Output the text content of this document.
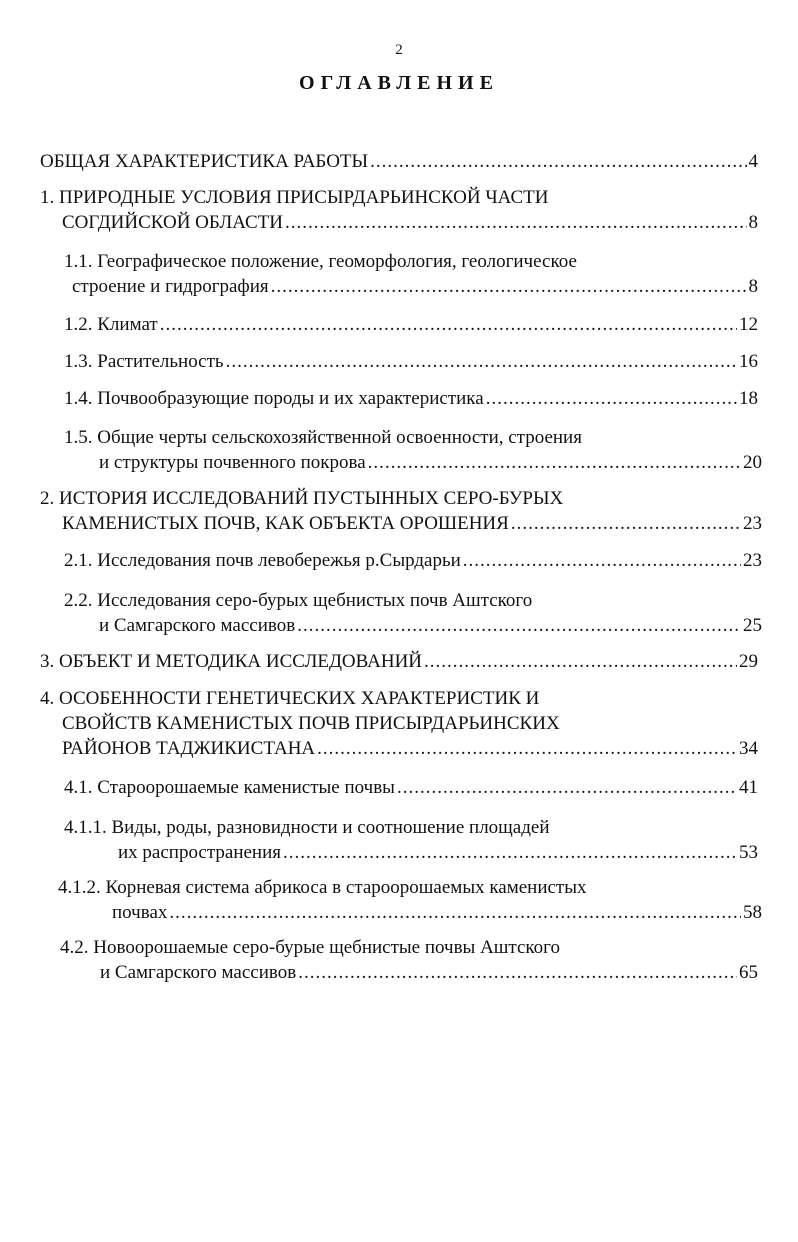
2
ОГЛАВЛЕНИЕ
ОБЩАЯ ХАРАКТЕРИСТИКА РАБОТЫ .....	4
1. ПРИРОДНЫЕ УСЛОВИЯ ПРИСЫРДАРЬИНСКОЙ ЧАСТИ
СОГДИЙСКОЙ ОБЛАСТИ .....	8
1.1. Географическое положение, геоморфология, геологическое
строение и гидрография .....	8
1.2. Климат .....	12
1.3. Растительность .....	16
1.4. Почвообразующие породы и их характеристика .....	18
1.5. Общие черты сельскохозяйственной освоенности, строения
и структуры почвенного покрова .....	20
2. ИСТОРИЯ ИССЛЕДОВАНИЙ ПУСТЫННЫХ СЕРО-БУРЫХ
КАМЕНИСТЫХ ПОЧВ, КАК ОБЪЕКТА ОРОШЕНИЯ .....	23
2.1. Исследования почв левобережья р.Сырдарьи .....	23
2.2. Исследования серо-бурых щебнистых почв Аштского
и Самгарского массивов .....	25
3. ОБЪЕКТ И МЕТОДИКА ИССЛЕДОВАНИЙ .....	29
4. ОСОБЕННОСТИ ГЕНЕТИЧЕСКИХ ХАРАКТЕРИСТИК И
СВОЙСТВ КАМЕНИСТЫХ ПОЧВ ПРИСЫРДАРЬИНСКИХ
РАЙОНОВ ТАДЖИКИСТАНА .....	34
4.1. Староорошаемые каменистые почвы .....	41
4.1.1. Виды, роды, разновидности и соотношение площадей
их распространения .....	53
4.1.2. Корневая система абрикоса в староорошаемых каменистых
почвах .....	58
4.2. Новоорошаемые серо-бурые щебнистые почвы Аштского
и Самгарского массивов .....	65
